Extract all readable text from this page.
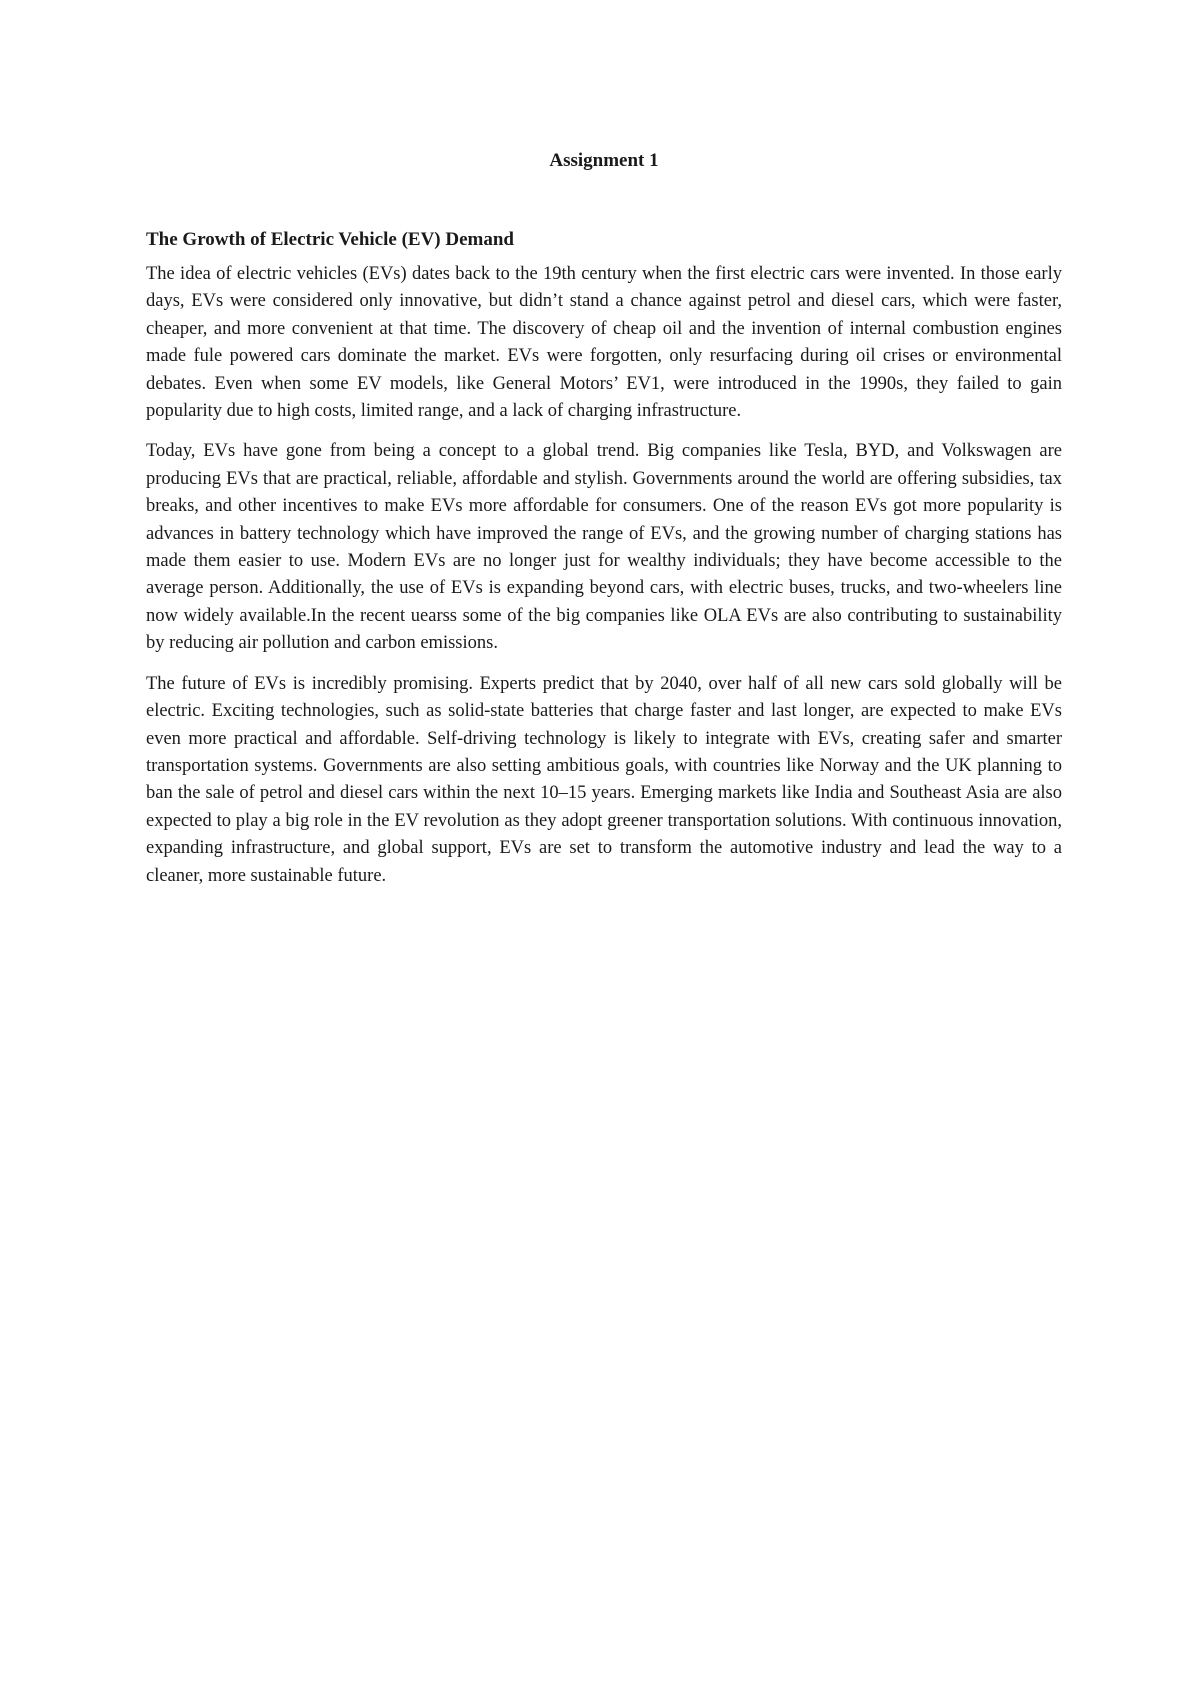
Assignment 1
The Growth of Electric Vehicle (EV) Demand

The idea of electric vehicles (EVs) dates back to the 19th century when the first electric cars were invented. In those early days, EVs were considered only innovative, but didn’t stand a chance against petrol and diesel cars, which were faster, cheaper, and more convenient at that time. The discovery of cheap oil and the invention of internal combustion engines made fule powered cars dominate the market. EVs were forgotten, only resurfacing during oil crises or environmental debates. Even when some EV models, like General Motors’ EV1, were introduced in the 1990s, they failed to gain popularity due to high costs, limited range, and a lack of charging infrastructure.

Today, EVs have gone from being a concept to a global trend. Big companies like Tesla, BYD, and Volkswagen are producing EVs that are practical, reliable, affordable and stylish. Governments around the world are offering subsidies, tax breaks, and other incentives to make EVs more affordable for consumers. One of the reason EVs got more popularity is advances in battery technology which have improved the range of EVs, and the growing number of charging stations has made them easier to use. Modern EVs are no longer just for wealthy individuals; they have become accessible to the average person. Additionally, the use of EVs is expanding beyond cars, with electric buses, trucks, and two-wheelers line now widely available.In the recent uearss some of the big companies like OLA EVs are also contributing to sustainability by reducing air pollution and carbon emissions.

The future of EVs is incredibly promising. Experts predict that by 2040, over half of all new cars sold globally will be electric. Exciting technologies, such as solid-state batteries that charge faster and last longer, are expected to make EVs even more practical and affordable. Self-driving technology is likely to integrate with EVs, creating safer and smarter transportation systems. Governments are also setting ambitious goals, with countries like Norway and the UK planning to ban the sale of petrol and diesel cars within the next 10–15 years. Emerging markets like India and Southeast Asia are also expected to play a big role in the EV revolution as they adopt greener transportation solutions. With continuous innovation, expanding infrastructure, and global support, EVs are set to transform the automotive industry and lead the way to a cleaner, more sustainable future.
